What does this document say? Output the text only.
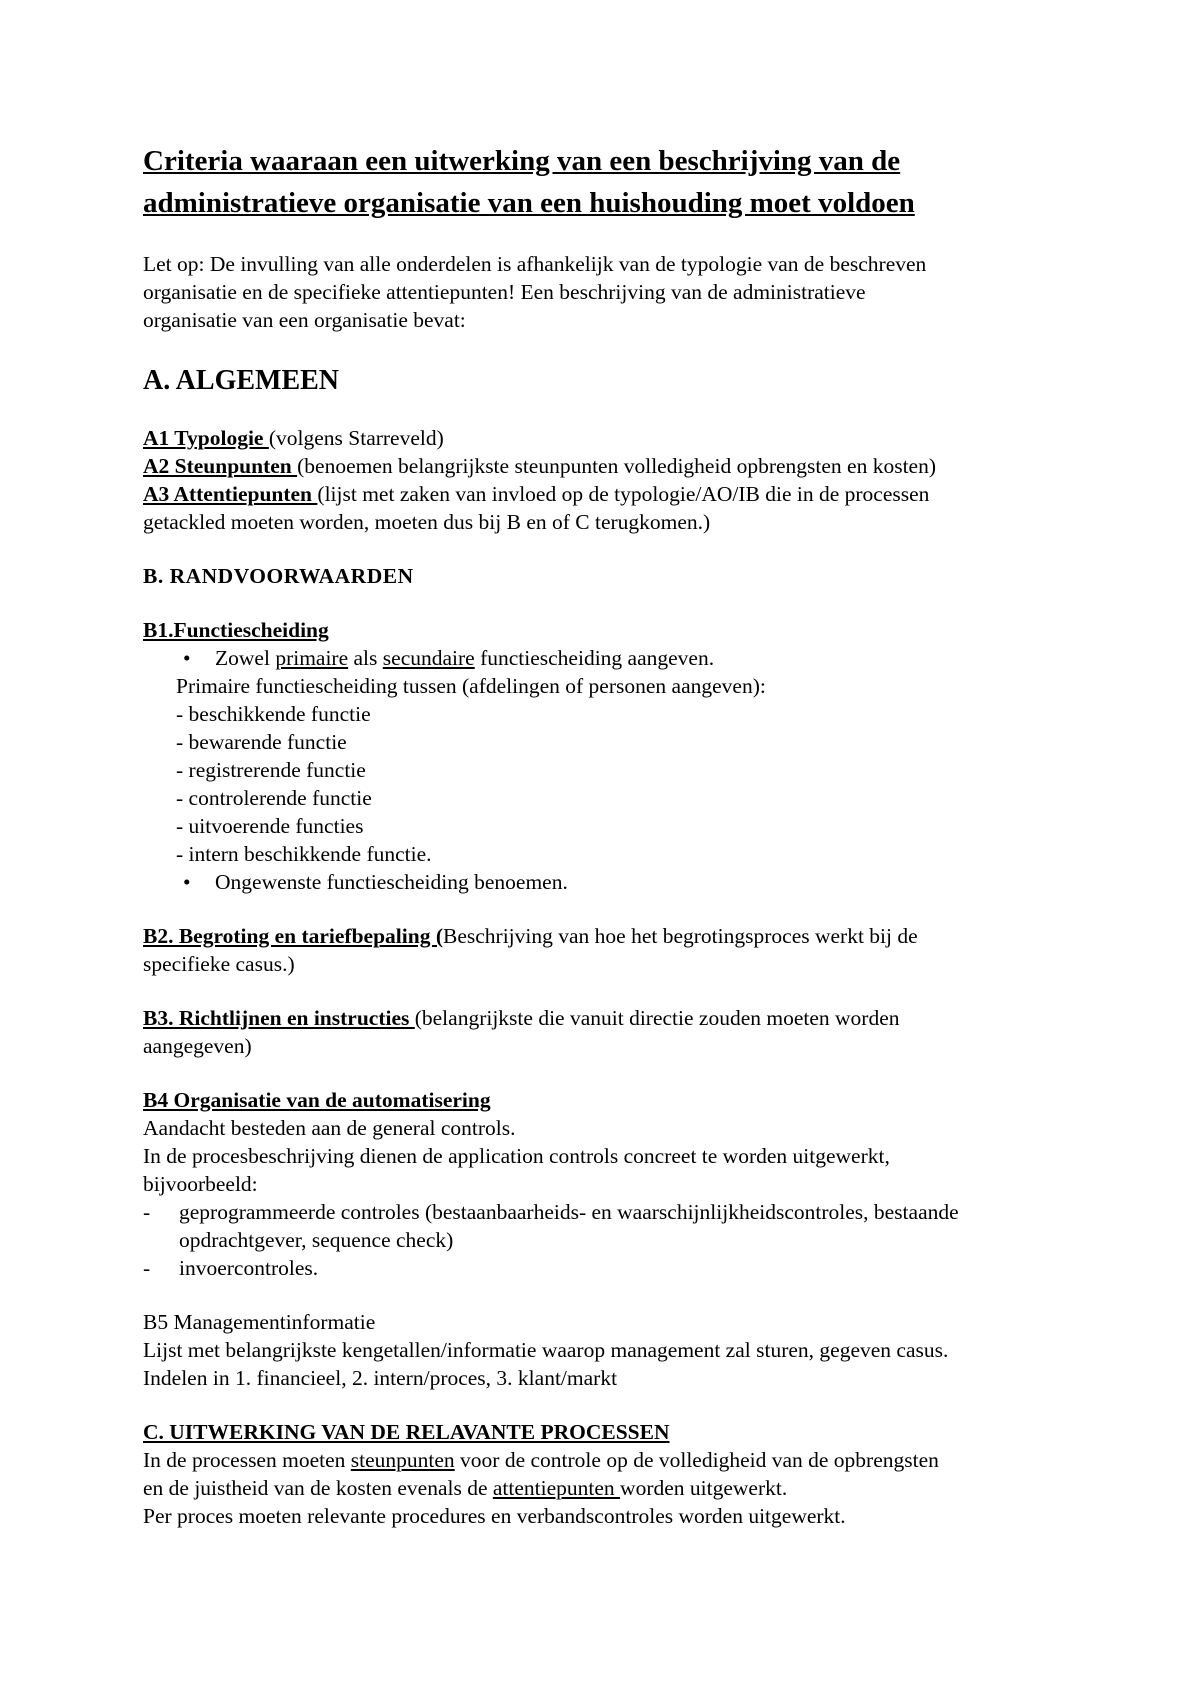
Criteria waaraan een uitwerking van een beschrijving van de
administratieve organisatie van een huishouding moet voldoen

Let op: De invulling van alle onderdelen is afhankelijk van de typologie van de beschreven
organisatie en de specifieke attentiepunten! Een beschrijving van de administratieve
organisatie van een organisatie bevat:

A. ALGEMEEN

A1 Typologie (volgens Starreveld)
A2 Steunpunten (benoemen belangrijkste steunpunten volledigheid opbrengsten en kosten)
A3 Attentiepunten (lijst met zaken van invloed op de typologie/AO/IB die in de processen
getackled moeten worden, moeten dus bij B en of C terugkomen.)

B. RANDVOORWAARDEN

B1.Functiescheiding

• Zowel primaire als secundaire functiescheiding aangeven.

Primaire functiescheiding tussen (afdelingen of personen aangeven):

- beschikkende functie

- bewarende functie

- registrerende functie

- controlerende functie

- uitvoerende functies

- intern beschikkende functie.

• Ongewenste functiescheiding benoemen.

B2. Begroting en tariefbepaling (Beschrijving van hoe het begrotingsproces werkt bij de
specifieke casus.)

B3. Richtlijnen en instructies (belangrijkste die vanuit directie zouden moeten worden
aangegeven)

B4 Organisatie van de automatisering

Aandacht besteden aan de general controls.

In de procesbeschrijving dienen de application controls concreet te worden uitgewerkt,

bijvoorbeeld:

- geprogrammeerde controles (bestaanbaarheids- en waarschijnlijkheidscontroles, bestaande
opdrachtgever, sequence check)

- invoercontroles.

B5 Managementinformatie

Lijst met belangrijkste kengetallen/informatie waarop management zal sturen, gegeven casus.

Indelen in 1. financieel, 2. intern/proces, 3. klant/markt

C. UITWERKING VAN DE RELAVANTE PROCESSEN

In de processen moeten steunpunten voor de controle op de volledigheid van de opbrengsten

en de juistheid van de kosten evenals de attentiepunten worden uitgewerkt.

Per proces moeten relevante procedures en verbandscontroles worden uitgewerkt.
